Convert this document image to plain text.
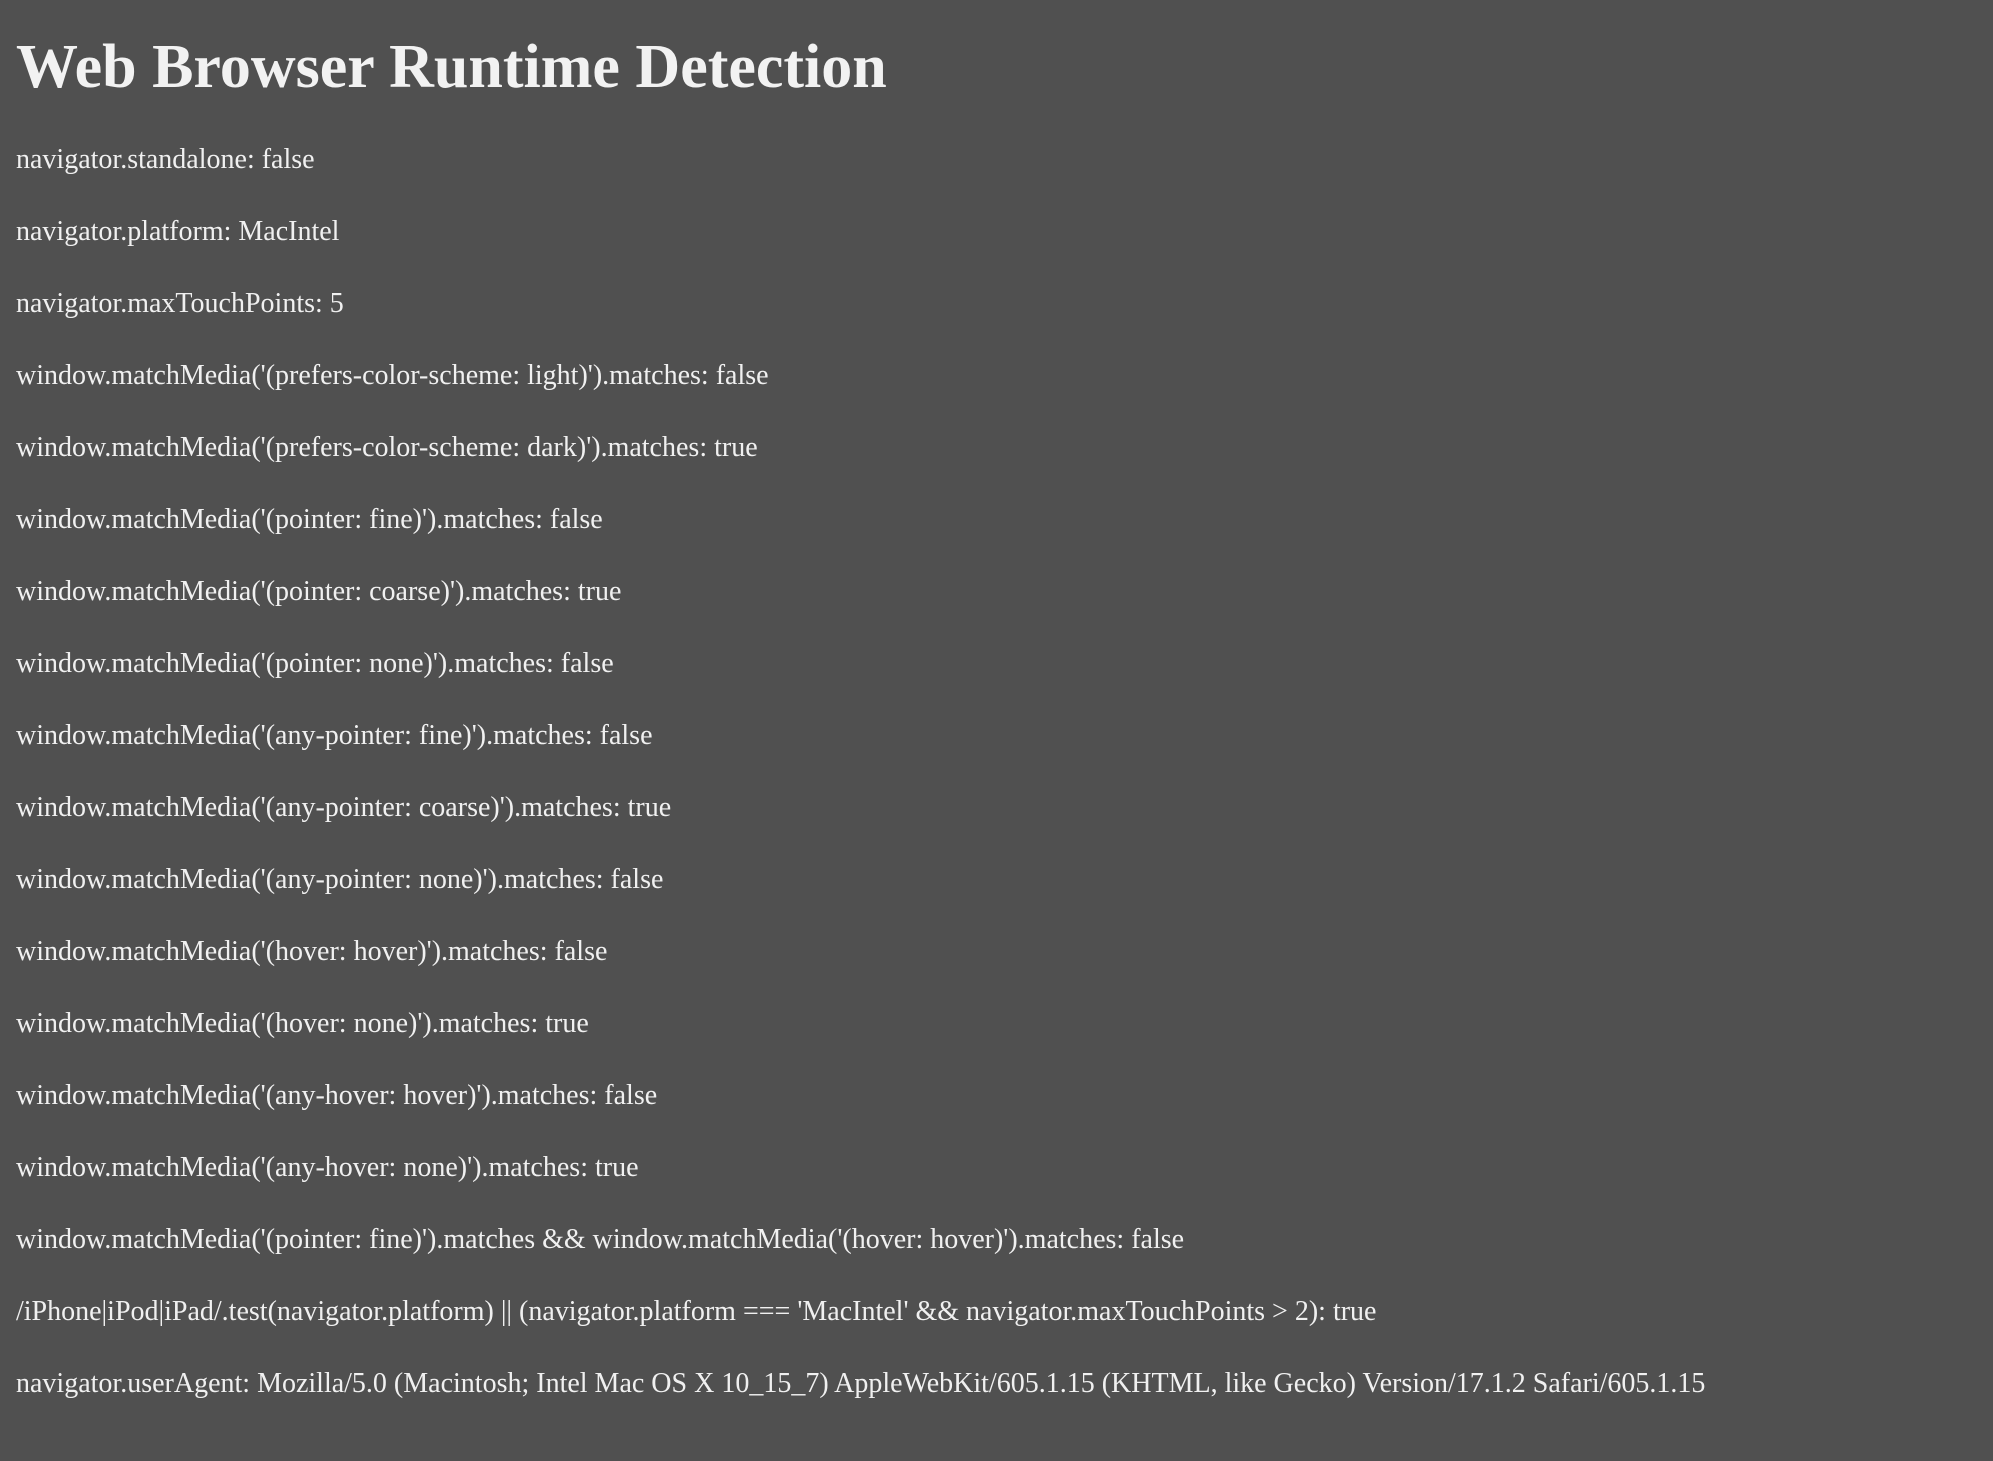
Web Browser Runtime Detection

navigator.standalone: false

navigator.platform: MacIntel

navigator.maxTouchPoints: 5

window.matchMedia('(prefers-color-scheme: light)').matches: false

window.matchMedia('(prefers-color-scheme: dark)').matches: true

window.matchMedia('(pointer: fine)').matches: false

window.matchMedia('(pointer: coarse)').matches: true

window.matchMedia('(pointer: none)').matches: false

window.matchMedia('(any-pointer: fine)').matches: false

window.matchMedia('(any-pointer: coarse)').matches: true

window.matchMedia('(any-pointer: none)').matches: false

window.matchMedia('(hover: hover)').matches: false

window.matchMedia('(hover: none)').matches: true

window.matchMedia('(any-hover: hover)').matches: false

window.matchMedia('(any-hover: none)').matches: true

window.matchMedia('(pointer: fine)').matches && window.matchMedia('(hover: hover)').matches: false

/iPhone|iPod|iPad/.test(navigator.platform) || (navigator.platform === 'MacIntel' && navigator.maxTouchPoints > 2): true

navigator.userAgent: Mozilla/5.0 (Macintosh; Intel Mac OS X 10_15_7) AppleWebKit/605.1.15 (KHTML, like Gecko) Version/17.1.2 Safari/605.1.15
